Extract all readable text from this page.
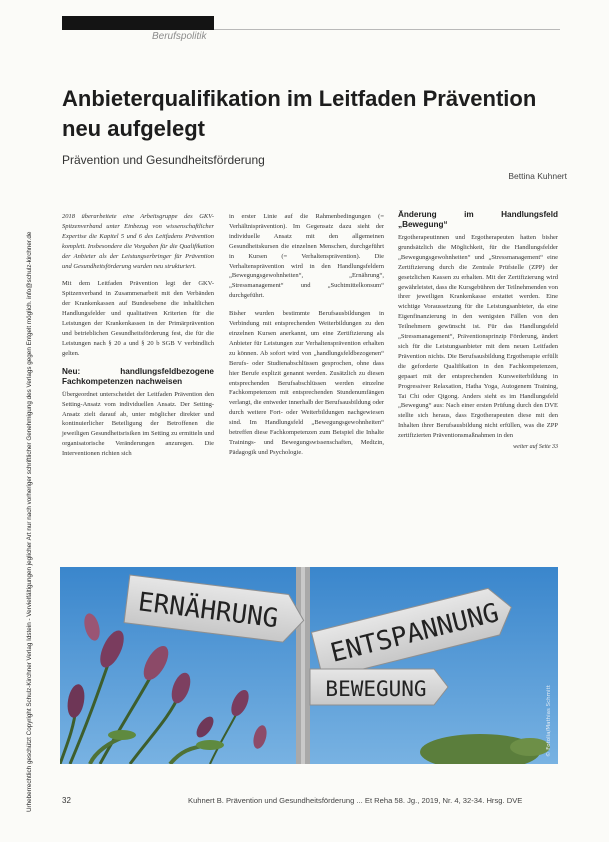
Berufspolitik
Urheberrechtlich geschützt Copyright Schulz-Kirchner Verlag Idstein - Vervielfältigungen jeglicher Art nur nach vorheriger schriftlicher Genehmigung des Verlags gegen Entgelt möglich. info@schulz-kirchner.de
Anbieterqualifikation im Leitfaden Prävention neu aufgelegt
Prävention und Gesundheitsförderung
Bettina Kuhnert

2018 überarbeitete eine Arbeitsgruppe des GKV-Spitzenverband unter Einbezug von wissenschaftlicher Expertise die Kapitel 5 und 6 des Leitfadens Prävention komplett. Insbesondere die Vorgaben für die Qualifikation der Anbieter als der Leistungserbringer für Prävention und Gesundheitsförderung wurden neu strukturiert.

Mit dem Leitfaden Prävention legt der GKV-Spitzenverband in Zusammenarbeit mit den Verbänden der Krankenkassen auf Bundesebene die inhaltlichen Handlungsfelder und qualitativen Kriterien für die Leistungen der Krankenkassen in der Primärprävention und betrieblichen Gesundheitsförderung fest, die für die Leistungen nach § 20 a und § 20 b SGB V verbindlich gelten.

Neu: handlungsfeldbezogene Fachkompetenzen nachweisen

Übergeordnet unterscheidet der Leitfaden Prävention den Setting-Ansatz vom individuellen Ansatz. Der Setting-Ansatz zielt darauf ab, unter möglicher direkter und kontinuierlicher Beteiligung der Betroffenen die jeweiligen Gesundheitsrisiken im Setting zu ermitteln und organisatorische Veränderungen anzuregen. Die Interventionen richten sich

in erster Linie auf die Rahmenbedingungen (= Verhältnisprävention). Im Gegensatz dazu sieht der individuelle Ansatz mit den allgemeinen Gesundheitskursen die einzelnen Menschen, durchgeführt in Kursen (= Verhaltensprävention). Die Verhaltensprävention wird in den Handlungsfeldern „Bewegungsgewohnheiten“, „Ernährung“, „Stressmanagement“ und „Suchtmittelkonsum“ durchgeführt.

Bisher wurden bestimmte Berufsausbildungen in Verbindung mit entsprechenden Weiterbildungen zu den einzelnen Kursen anerkannt, um eine Zertifizierung als Anbieter für Leistungen zur Verhaltensprävention erhalten zu können. Ab sofort wird von „handlungsfeldbezogenen“ Berufs- oder Studienabschlüssen gesprochen, ohne dass hier Berufe explizit genannt werden. Zusätzlich zu diesen entsprechenden Berufsabschlüssen werden einzelne Fachkompetenzen mit entsprechenden Stundenumfängen verlangt, die entweder innerhalb der Berufsausbildung oder durch weitere Fort- oder Weiterbildungen nachgewiesen sind. Im Handlungsfeld „Bewegungsgewohnheiten“ betreffen diese Fachkompetenzen zum Beispiel die Inhalte Trainings- und Bewegungswissenschaften, Medizin, Pädagogik und Psychologie.

Änderung im Handlungsfeld „Bewegung“

Ergotherapeutinnen und Ergotherapeuten hatten bisher grundsätzlich die Möglichkeit, für die Handlungsfelder „Bewegungsgewohnheiten“ und „Stressmanagement“ eine Zertifizierung durch die Zentrale Prüfstelle (ZPP) der gesetzlichen Kassen zu erhalten. Mit der Zertifizierung wird gewährleistet, dass die Kursgebühren der Teilnehmenden von ihrer jeweiligen Krankenkasse erstattet werden. Eine wichtige Voraussetzung für die Leistungsanbieter, da eine Eigenfinanzierung in den wenigsten Fällen von den Teilnehmern gewünscht ist. Für das Handlungsfeld „Stressmanagement“, Präventionsprinzip Förderung, ändert sich für die Leistungsanbieter mit dem neuen Leitfaden Prävention nichts. Die Berufsausbildung Ergotherapie erfüllt die geforderte Qualifikation in den Fachkompetenzen, gepaart mit der entsprechenden Kursweiterbildung in Progressiver Relaxation, Hatha Yoga, Autogenem Training, Tai Chi oder Qigong. Anders sieht es im Handlungsfeld „Bewegung“ aus: Nach einer ersten Prüfung durch den DVE stellte sich heraus, dass Ergotherapeuten diese mit den Inhalten ihrer Berufsausbildung nicht erfüllen, was die ZPP zertifizierten Präventionsmaßnahmen in den

weiter auf Seite 33
ERNÄHRUNG ENTSPANNUNG
BEWEGUNG	© Fotolia/Mathias Schmitt
32	Kuhnert B. Prävention und Gesundheitsförderung ... Et Reha 58. Jg., 2019, Nr. 4, 32-34. Hrsg. DVE
